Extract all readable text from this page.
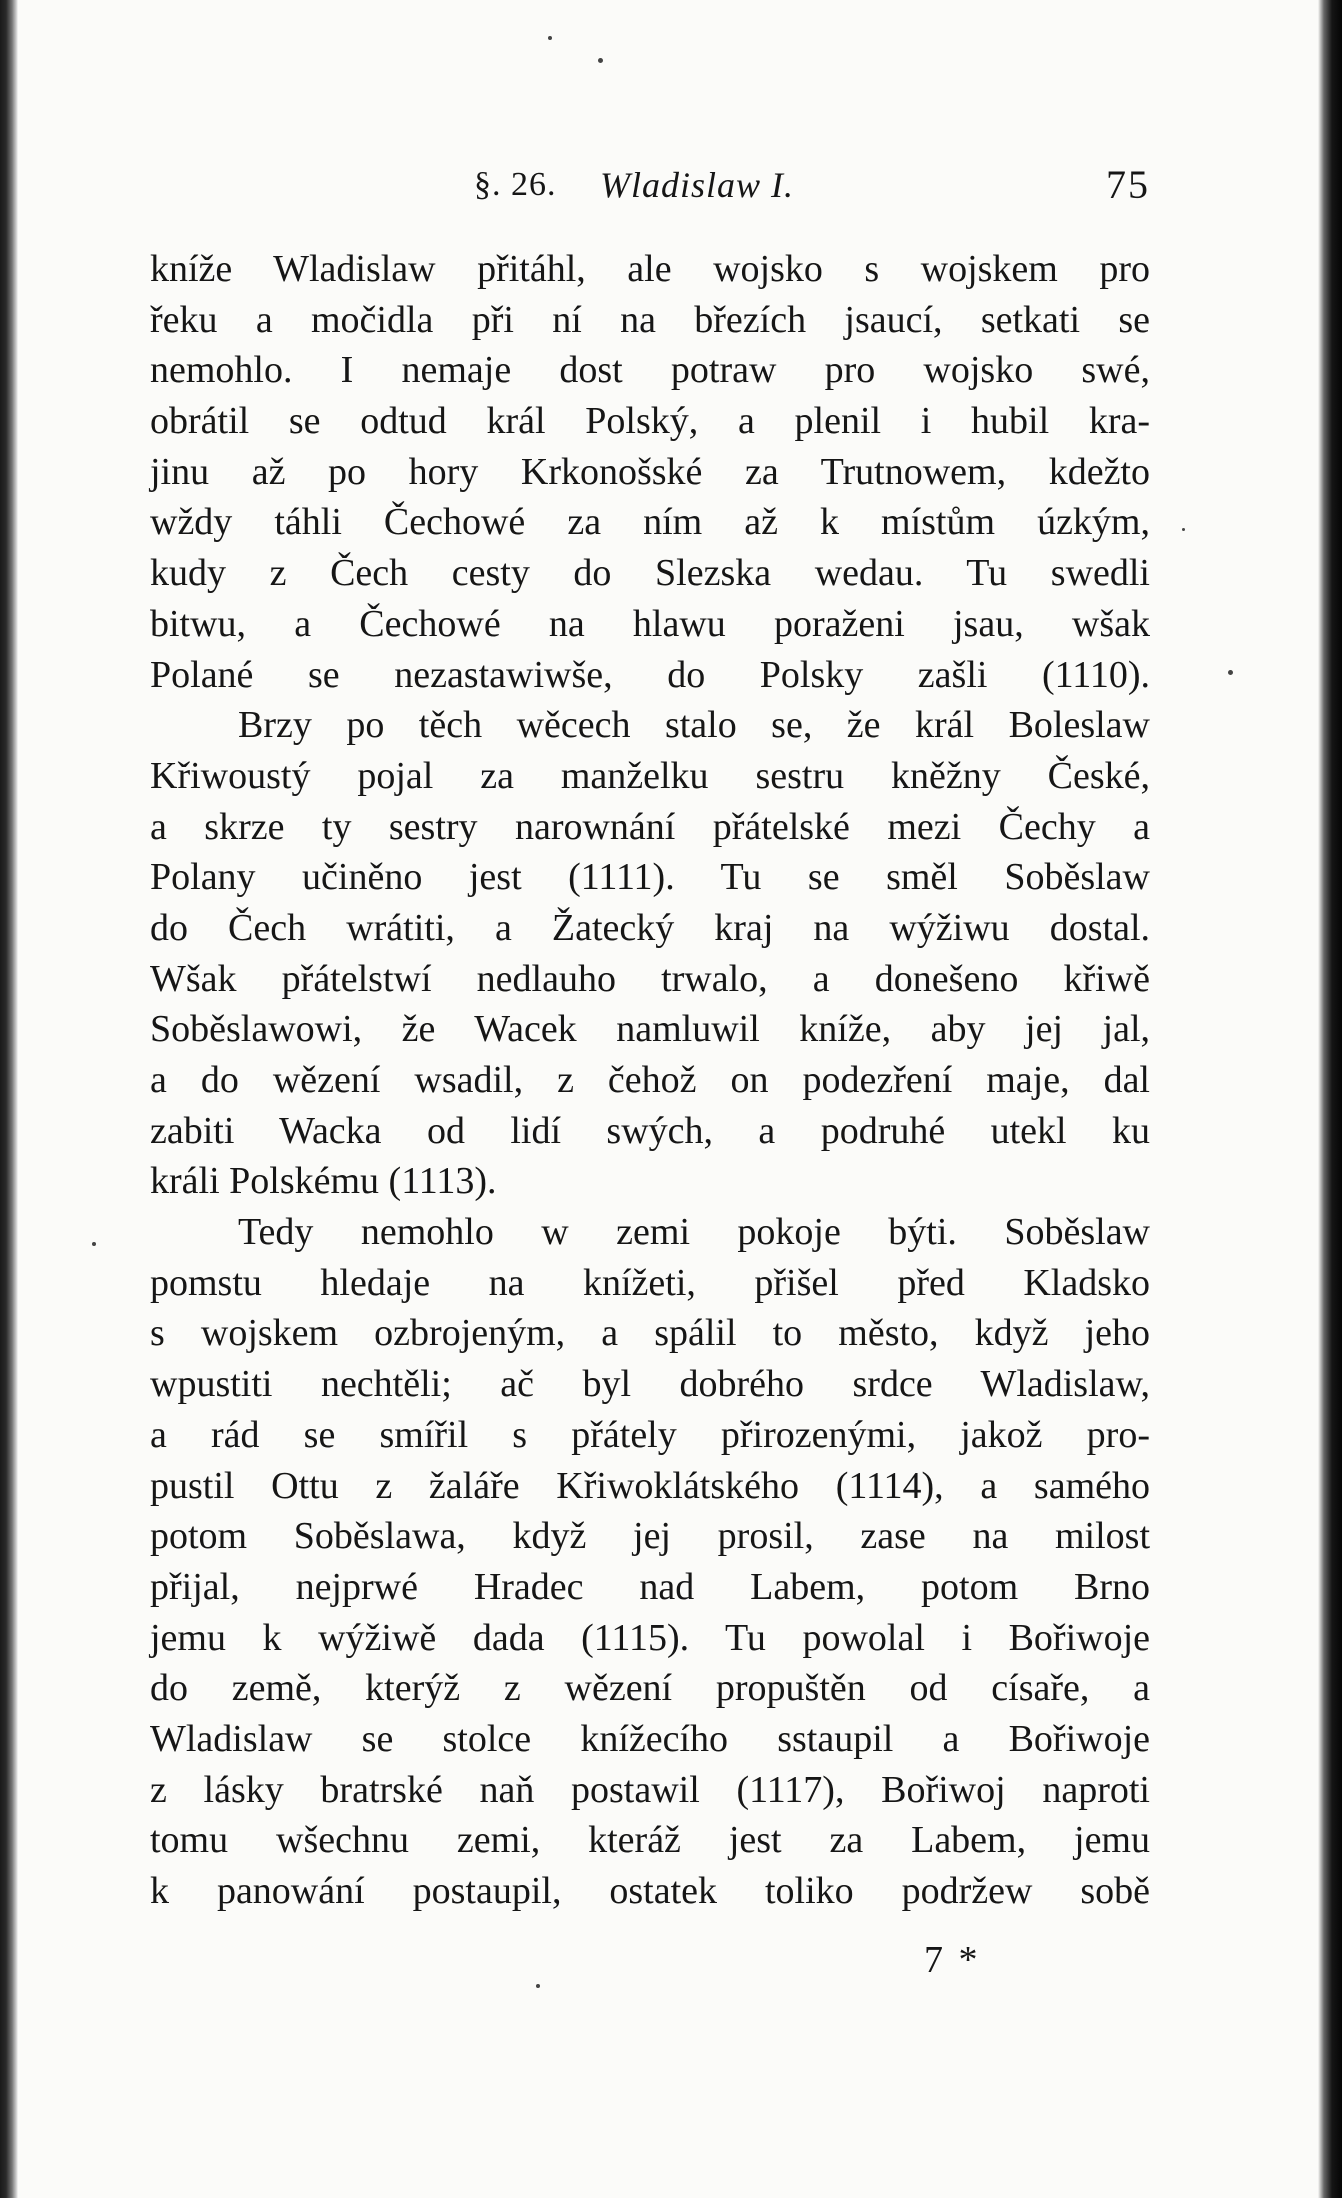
§. 26. Wladislaw I.	75
kníže Wladislaw přitáhl, ale wojsko s wojskem pro
řeku a močidla při ní na březích jsaucí, setkati se
nemohlo. I nemaje dost potraw pro wojsko swé,
obrátil se odtud král Polský, a plenil i hubil kra-
jinu až po hory Krkonošské za Trutnowem, kdežto
wždy táhli Čechowé za ním až k místům úzkým,
kudy z Čech cesty do Slezska wedau. Tu swedli
bitwu, a Čechowé na hlawu poraženi jsau, wšak
Polané se nezastawiwše, do Polsky zašli (1110).
Brzy po těch wěcech stalo se, že král Boleslaw
Křiwoustý pojal za manželku sestru kněžny České,
a skrze ty sestry narownání přátelské mezi Čechy a
Polany učiněno jest (1111). Tu se směl Soběslaw
do Čech wrátiti, a Žatecký kraj na wýžiwu dostal.
Wšak přátelstwí nedlauho trwalo, a donešeno křiwě
Soběslawowi, že Wacek namluwil kníže, aby jej jal,
a do wězení wsadil, z čehož on podezření maje, dal
zabiti Wacka od lidí swých, a podruhé utekl ku
králi Polskému (1113).
Tedy nemohlo w zemi pokoje býti. Soběslaw
pomstu hledaje na knížeti, přišel před Kladsko
s wojskem ozbrojeným, a spálil to město, když jeho
wpustiti nechtěli; ač byl dobrého srdce Wladislaw,
a rád se smířil s přátely přirozenými, jakož pro-
pustil Ottu z žaláře Křiwoklátského (1114), a samého
potom Soběslawa, když jej prosil, zase na milost
přijal, nejprwé Hradec nad Labem, potom Brno
jemu k wýžiwě dada (1115). Tu powolal i Bořiwoje
do země, kterýž z wězení propuštěn od císaře, a
Wladislaw se stolce knížecího sstaupil a Bořiwoje
z lásky bratrské naň postawil (1117), Bořiwoj naproti
tomu wšechnu zemi, kteráž jest za Labem, jemu
k panowání postaupil, ostatek toliko podržew sobě
7 *
